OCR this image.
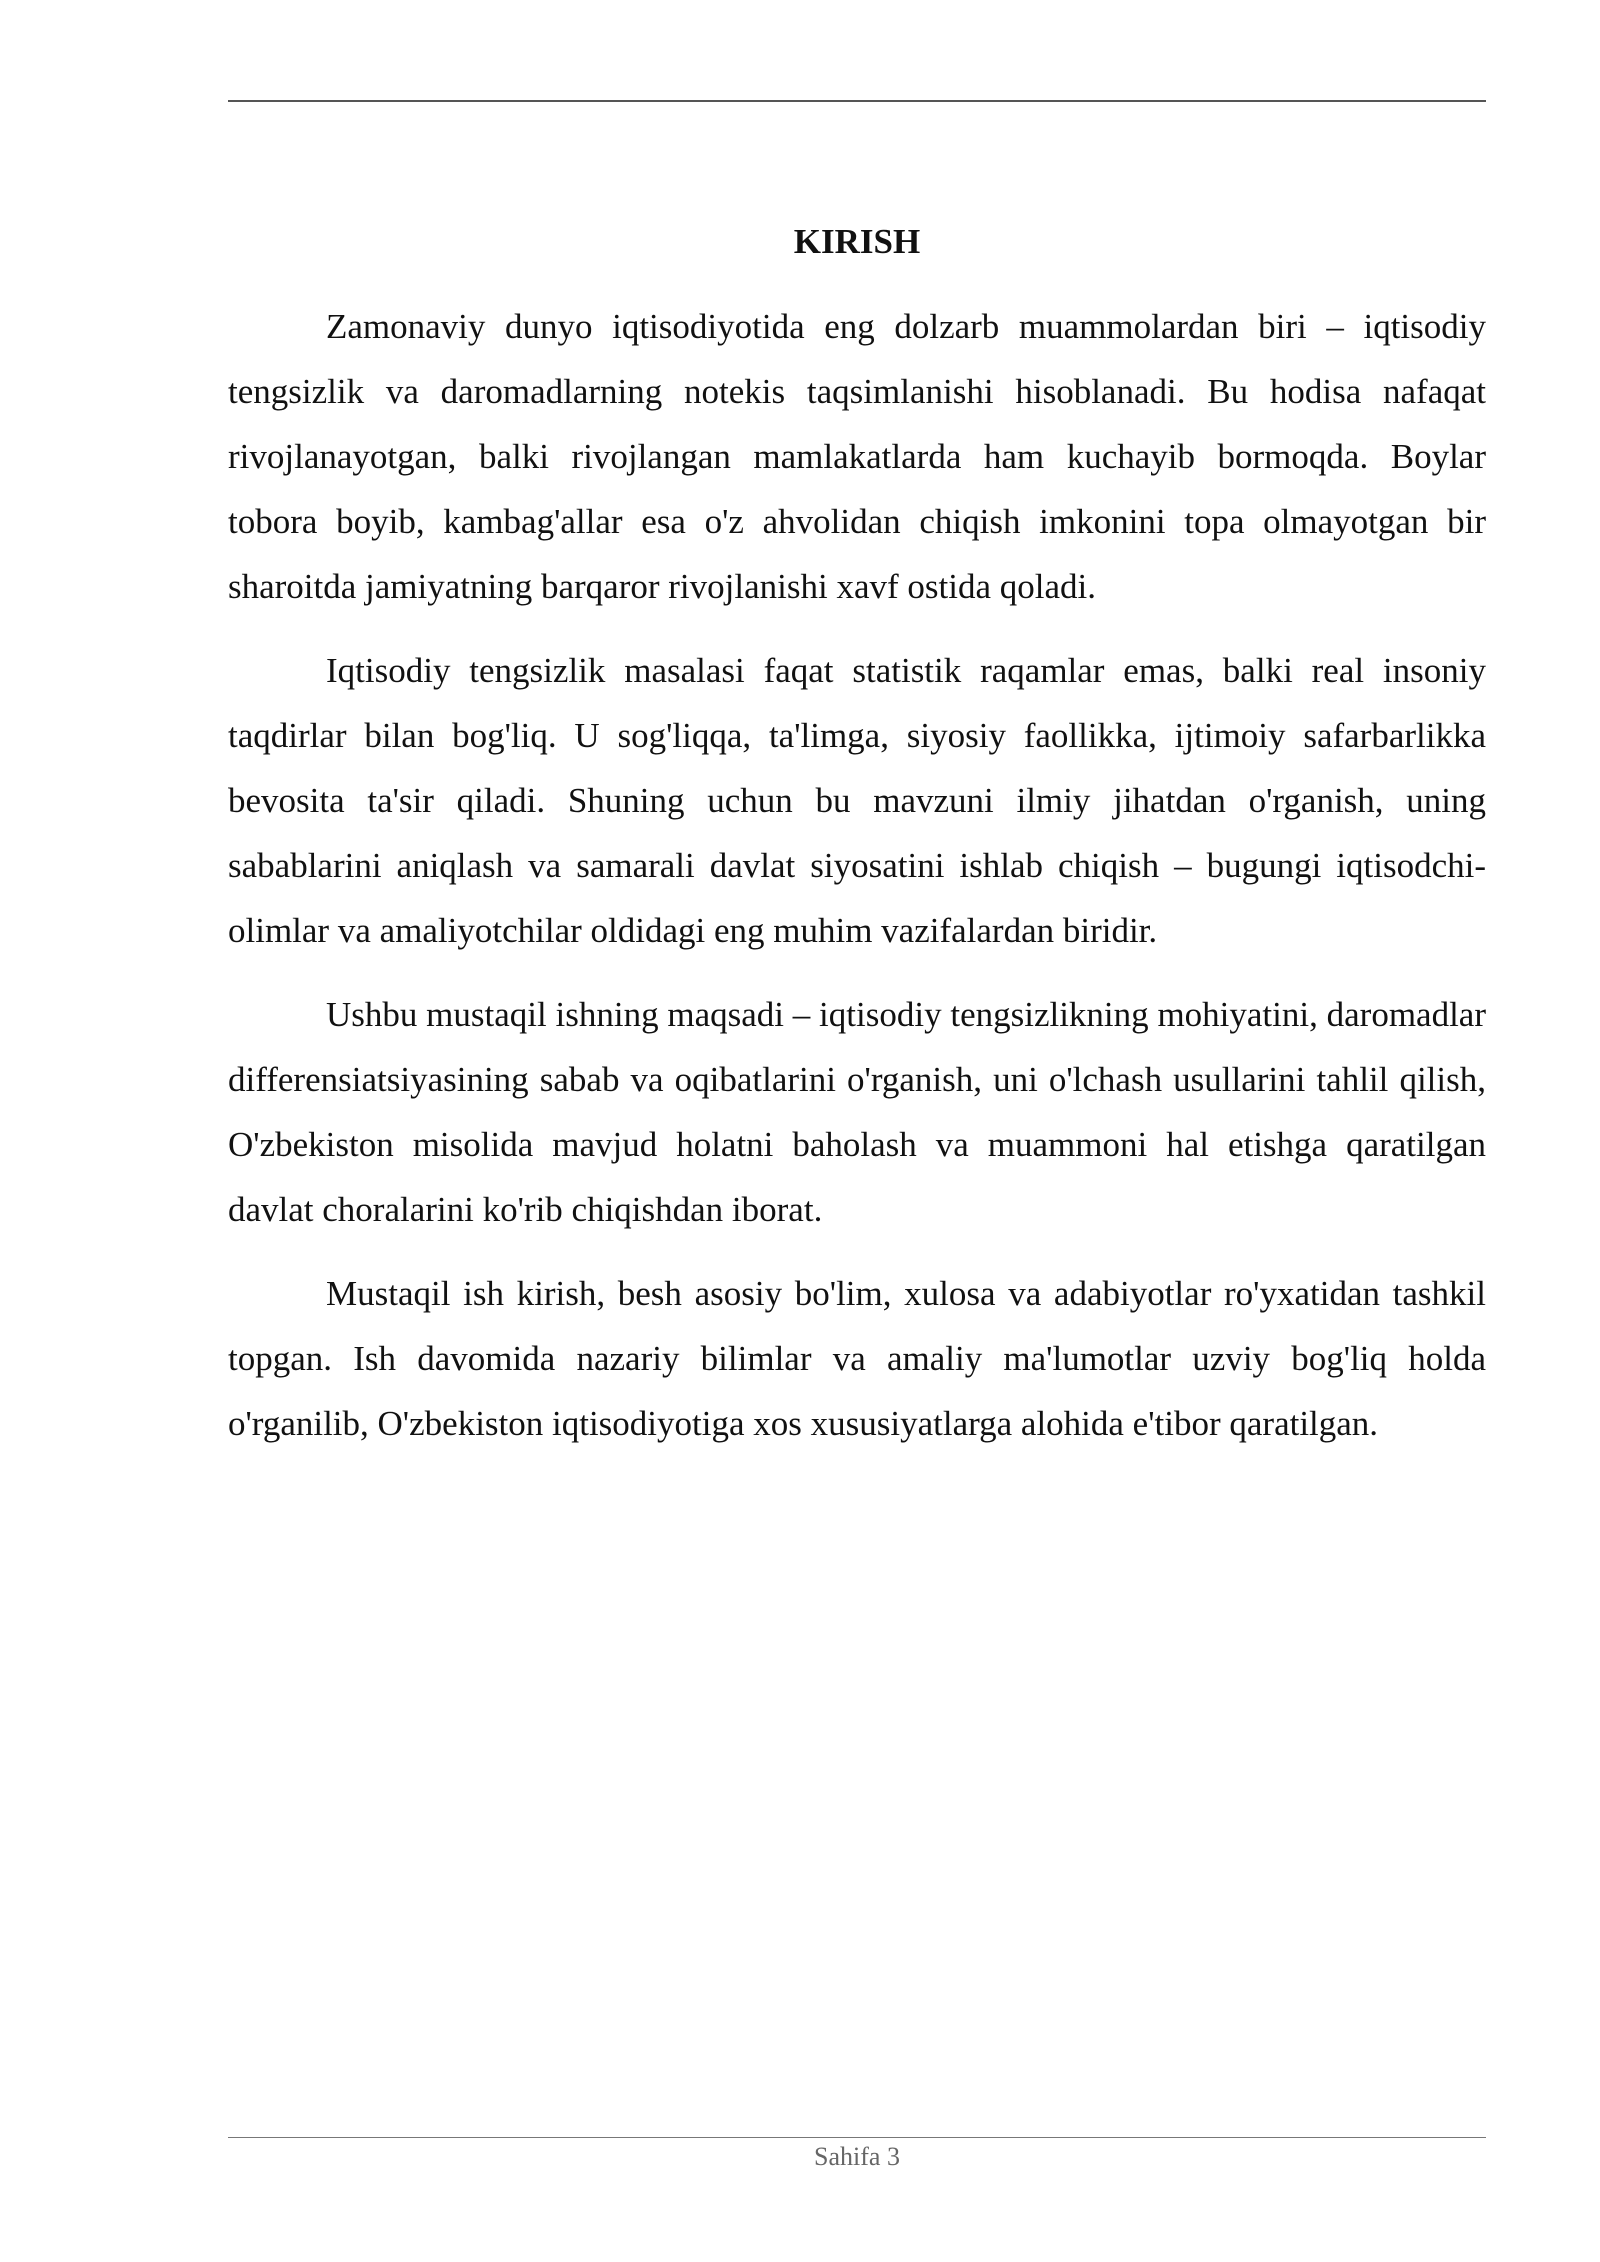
KIRISH

Zamonaviy dunyo iqtisodiyotida eng dolzarb muammolardan biri – iqtisodiy tengsizlik va daromadlarning notekis taqsimlanishi hisoblanadi. Bu hodisa nafaqat rivojlanayotgan, balki rivojlangan mamlakatlarda ham kuchayib bormoqda. Boylar tobora boyib, kambag'allar esa o'z ahvolidan chiqish imkonini topa olmayotgan bir sharoitda jamiyatning barqaror rivojlanishi xavf ostida qoladi.

Iqtisodiy tengsizlik masalasi faqat statistik raqamlar emas, balki real insoniy taqdirlar bilan bog'liq. U sog'liqqa, ta'limga, siyosiy faollikka, ijtimoiy safarbarlikka bevosita ta'sir qiladi. Shuning uchun bu mavzuni ilmiy jihatdan o'rganish, uning sabablarini aniqlash va samarali davlat siyosatini ishlab chiqish – bugungi iqtisodchi-olimlar va amaliyotchilar oldidagi eng muhim vazifalardan biridir.

Ushbu mustaqil ishning maqsadi – iqtisodiy tengsizlikning mohiyatini, daromadlar differensiatsiyasining sabab va oqibatlarini o'rganish, uni o'lchash usullarini tahlil qilish, O'zbekiston misolida mavjud holatni baholash va muammoni hal etishga qaratilgan davlat choralarini ko'rib chiqishdan iborat.

Mustaqil ish kirish, besh asosiy bo'lim, xulosa va adabiyotlar ro'yxatidan tashkil topgan. Ish davomida nazariy bilimlar va amaliy ma'lumotlar uzviy bog'liq holda o'rganilib, O'zbekiston iqtisodiyotiga xos xususiyatlarga alohida e'tibor qaratilgan.

Sahifa 3
